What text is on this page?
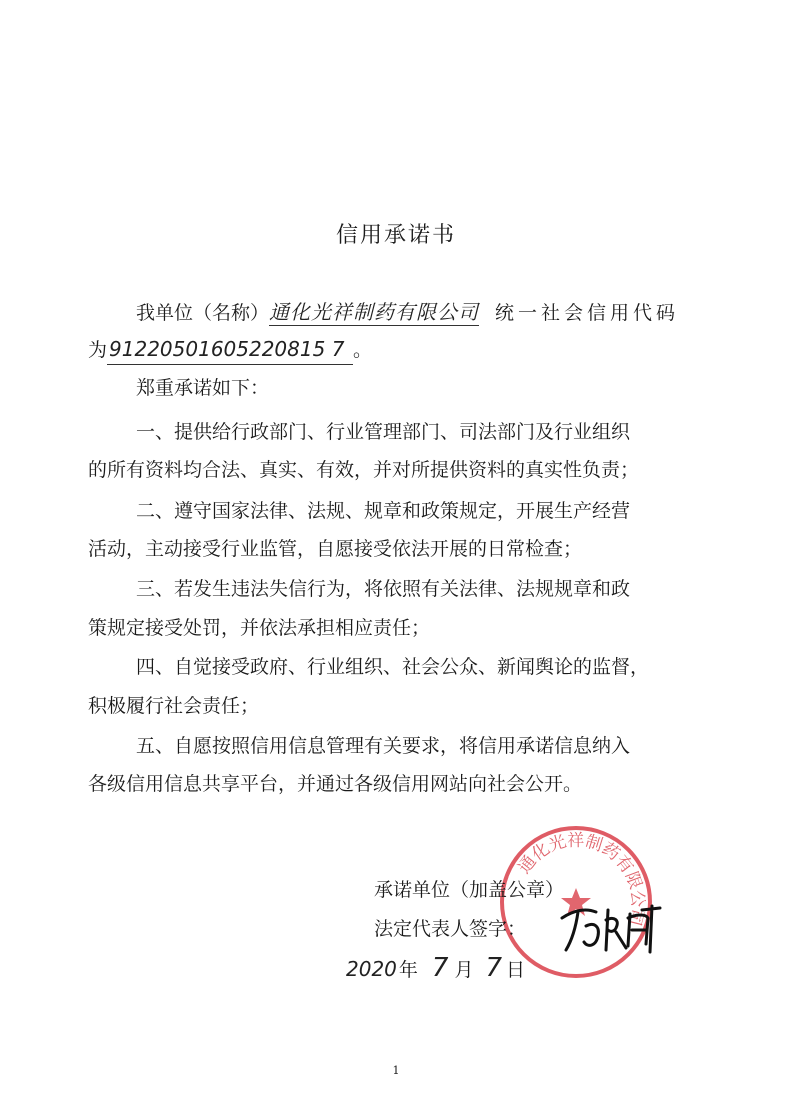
信用承诺书
我单位（名称）通化光祥制药有限公司 统一社会信用代码
为 91220501605220815 7 。
郑重承诺如下：
一、提供给行政部门、行业管理部门、司法部门及行业组织
的所有资料均合法、真实、有效，并对所提供资料的真实性负责；
二、遵守国家法律、法规、规章和政策规定，开展生产经营
活动，主动接受行业监管，自愿接受依法开展的日常检查；
三、若发生违法失信行为，将依照有关法律、法规规章和政
策规定接受处罚，并依法承担相应责任；
四、自觉接受政府、行业组织、社会公众、新闻舆论的监督，
积极履行社会责任；
五、自愿按照信用信息管理有关要求，将信用承诺信息纳入
各级信用信息共享平台，并通过各级信用网站向社会公开。
通化光祥制药有限公司
承诺单位（加盖公章）
法定代表人签字：
2020 年 7 月 7 日
1
